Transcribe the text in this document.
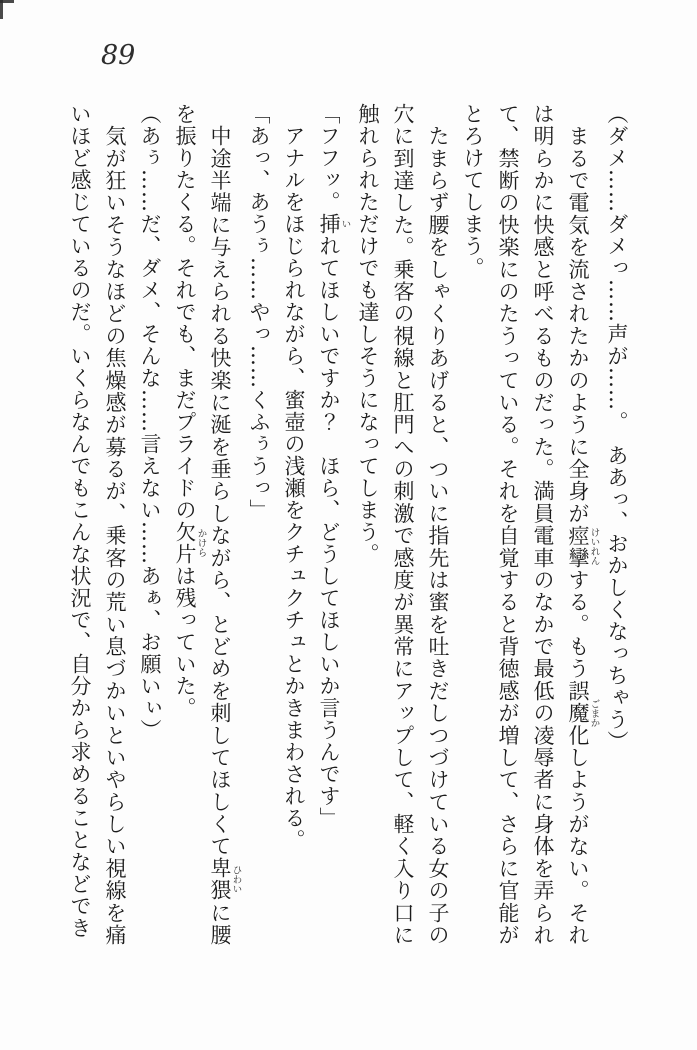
89

（ダメ……ダメっ……声が……。　ああっ、おかしくなっちゃう）

　まるで電気を流されたかのように全身が痙攣けいれんする。もう誤魔化ごまかしようがない。それは明らかに快感と呼べるものだった。満員電車のなかで最低の凌辱者に身体を弄られて、禁断の快楽にのたうっている。それを自覚すると背徳感が増して、さらに官能がとろけてしまう。

　たまらず腰をしゃくりあげると、ついに指先は蜜を吐きだしつづけている女の子の穴に到達した。乗客の視線と肛門への刺激で感度が異常にアップして、軽く入り口に触れられただけでも達しそうになってしまう。

「フフッ。挿いれてほしいですか？　ほら、どうしてほしいか言うんです」

　アナルをほじられながら、蜜壺の浅瀬をクチュクチュとかきまわされる。

「あっ、あうぅ……やっ……くふぅうっ」

　中途半端に与えられる快楽に涎を垂らしながら、とどめを刺してほしくて卑猥ひわいに腰を振りたくる。それでも、まだプライドの欠片かけらは残っていた。

（あぅ……だ、ダメ、そんな……言えない……あぁ、お願いぃ）

　気が狂いそうなほどの焦燥感が募るが、乗客の荒い息づかいといやらしい視線を痛いほど感じているのだ。いくらなんでもこんな状況で、自分から求めることなどでき
